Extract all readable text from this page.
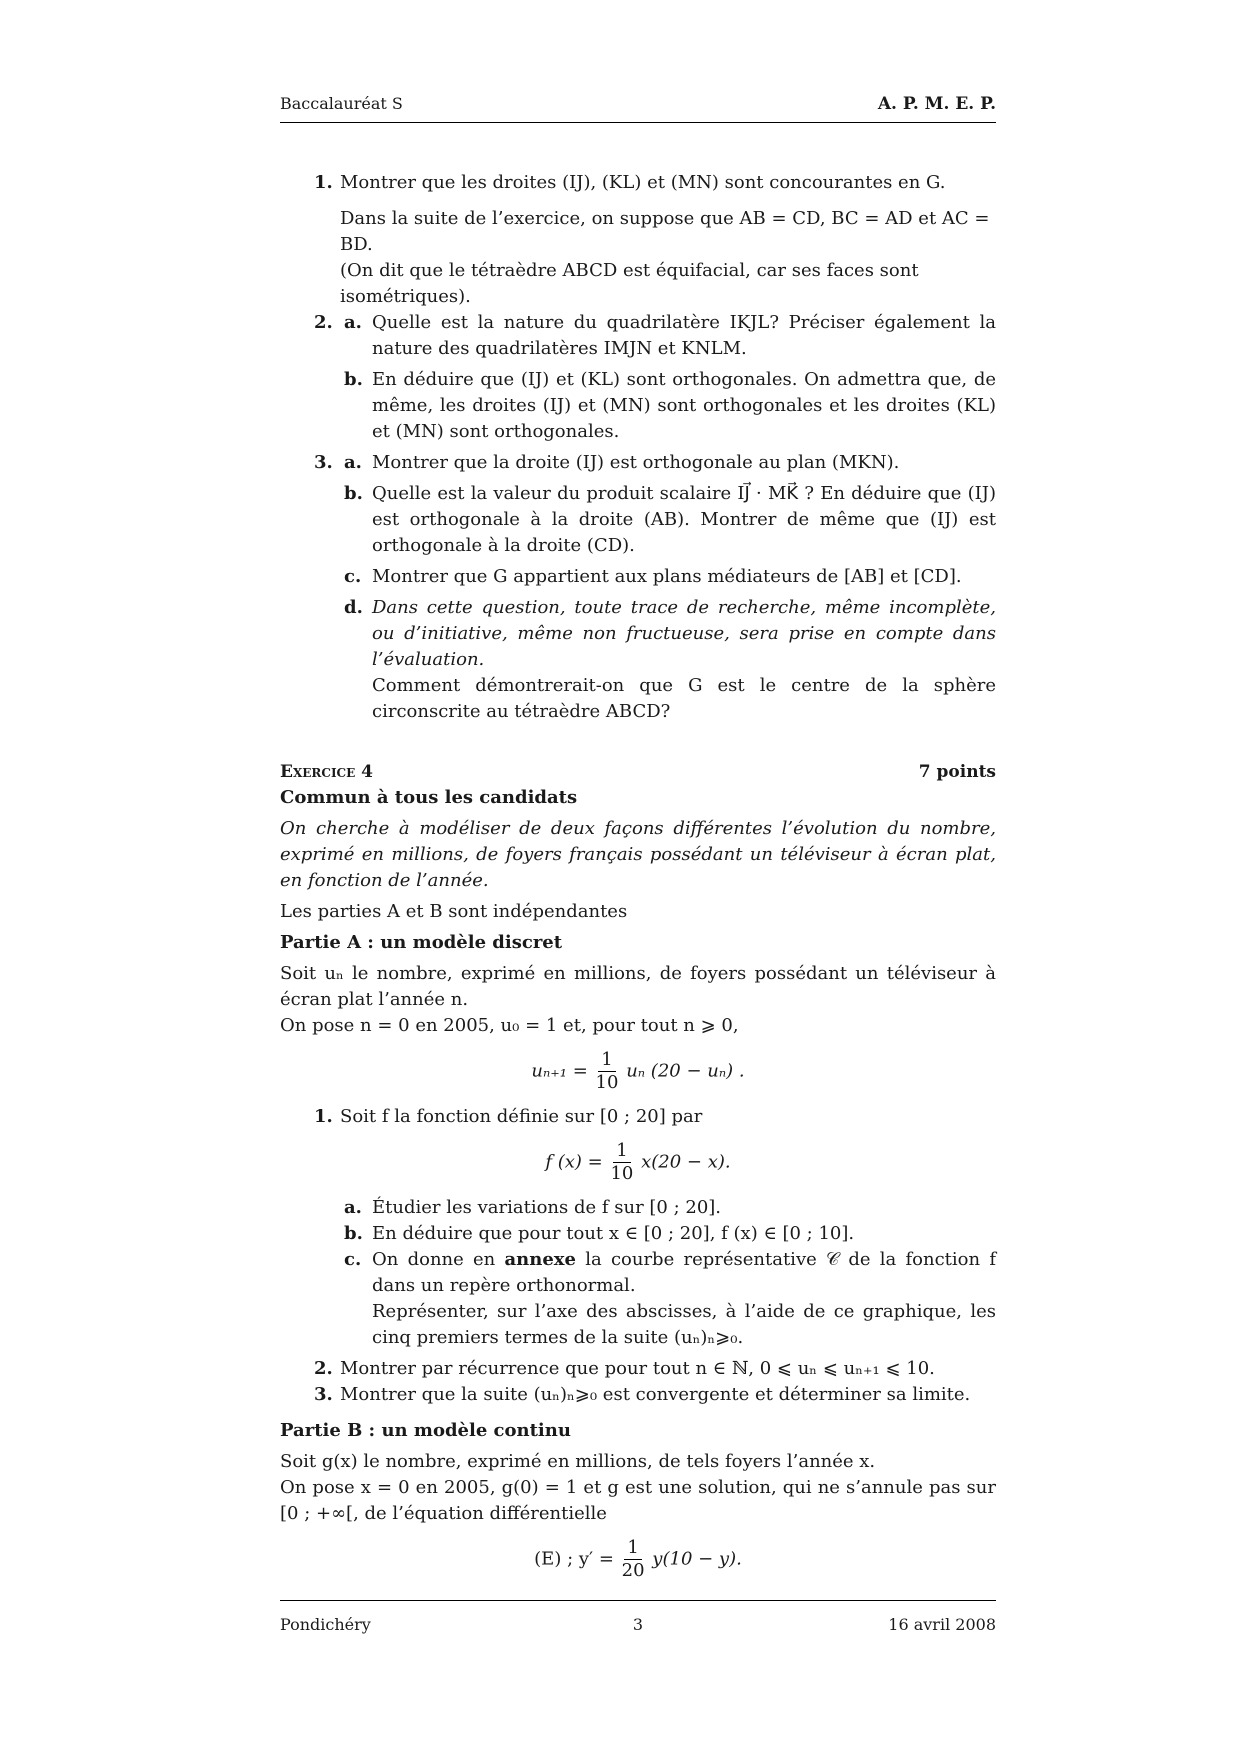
Baccalauréat S	A. P. M. E. P.
1. Montrer que les droites (IJ), (KL) et (MN) sont concourantes en G.
Dans la suite de l’exercice, on suppose que AB = CD, BC = AD et AC = BD.
(On dit que le tétraèdre ABCD est équifacial, car ses faces sont isométriques).
2. a. Quelle est la nature du quadrilatère IKJL? Préciser également la nature des quadrilatères IMJN et KNLM.
b. En déduire que (IJ) et (KL) sont orthogonales. On admettra que, de même, les droites (IJ) et (MN) sont orthogonales et les droites (KL) et (MN) sont orthogonales.
3. a. Montrer que la droite (IJ) est orthogonale au plan (MKN).
b. Quelle est la valeur du produit scalaire IJ⃗ · MK⃗ ? En déduire que (IJ) est orthogonale à la droite (AB). Montrer de même que (IJ) est orthogonale à la droite (CD).
c. Montrer que G appartient aux plans médiateurs de [AB] et [CD].
d. Dans cette question, toute trace de recherche, même incomplète, ou d’initiative, même non fructueuse, sera prise en compte dans l’évaluation.
Comment démontrerait-on que G est le centre de la sphère circonscrite au tétraèdre ABCD?
Exercice 4	7 points
Commun à tous les candidats
On cherche à modéliser de deux façons différentes l’évolution du nombre, exprimé en millions, de foyers français possédant un téléviseur à écran plat, en fonction de l’année.
Les parties A et B sont indépendantes
Partie A : un modèle discret
Soit uₙ le nombre, exprimé en millions, de foyers possédant un téléviseur à écran plat l’année n.
On pose n = 0 en 2005, u₀ = 1 et, pour tout n ⩾ 0,
$u_{n+1} = \frac{1}{10}$ uₙ (20 − uₙ) .
1. Soit f la fonction définie sur [0 ; 20] par
f $(x) = \frac{1}{10} x(20 - x)$.
a. Étudier les variations de f sur [0 ; 20].
b. En déduire que pour tout x ∈ [0 ; 20], f (x) ∈ [0 ; 10].
c. On donne en annexe la courbe représentative 𝒞 de la fonction f dans un repère orthonormal.
Représenter, sur l’axe des abscisses, à l’aide de ce graphique, les cinq premiers termes de la suite (uₙ)ₙ⩾₀.
2. Montrer par récurrence que pour tout n ∈ ℕ, 0 ⩽ uₙ ⩽ uₙ₊₁ ⩽ 10.
3. Montrer que la suite (uₙ)ₙ⩾₀ est convergente et déterminer sa limite.
Partie B : un modèle continu
Soit g(x) le nombre, exprimé en millions, de tels foyers l’année x.
On pose x = 0 en 2005, g(0) = 1 et g est une solution, qui ne s’annule pas sur [0 ; +∞[, de l’équation différentielle
(E) ; $y' = \frac{1}{20} y(10 - y)$.
Pondichéry	3	16 avril 2008
